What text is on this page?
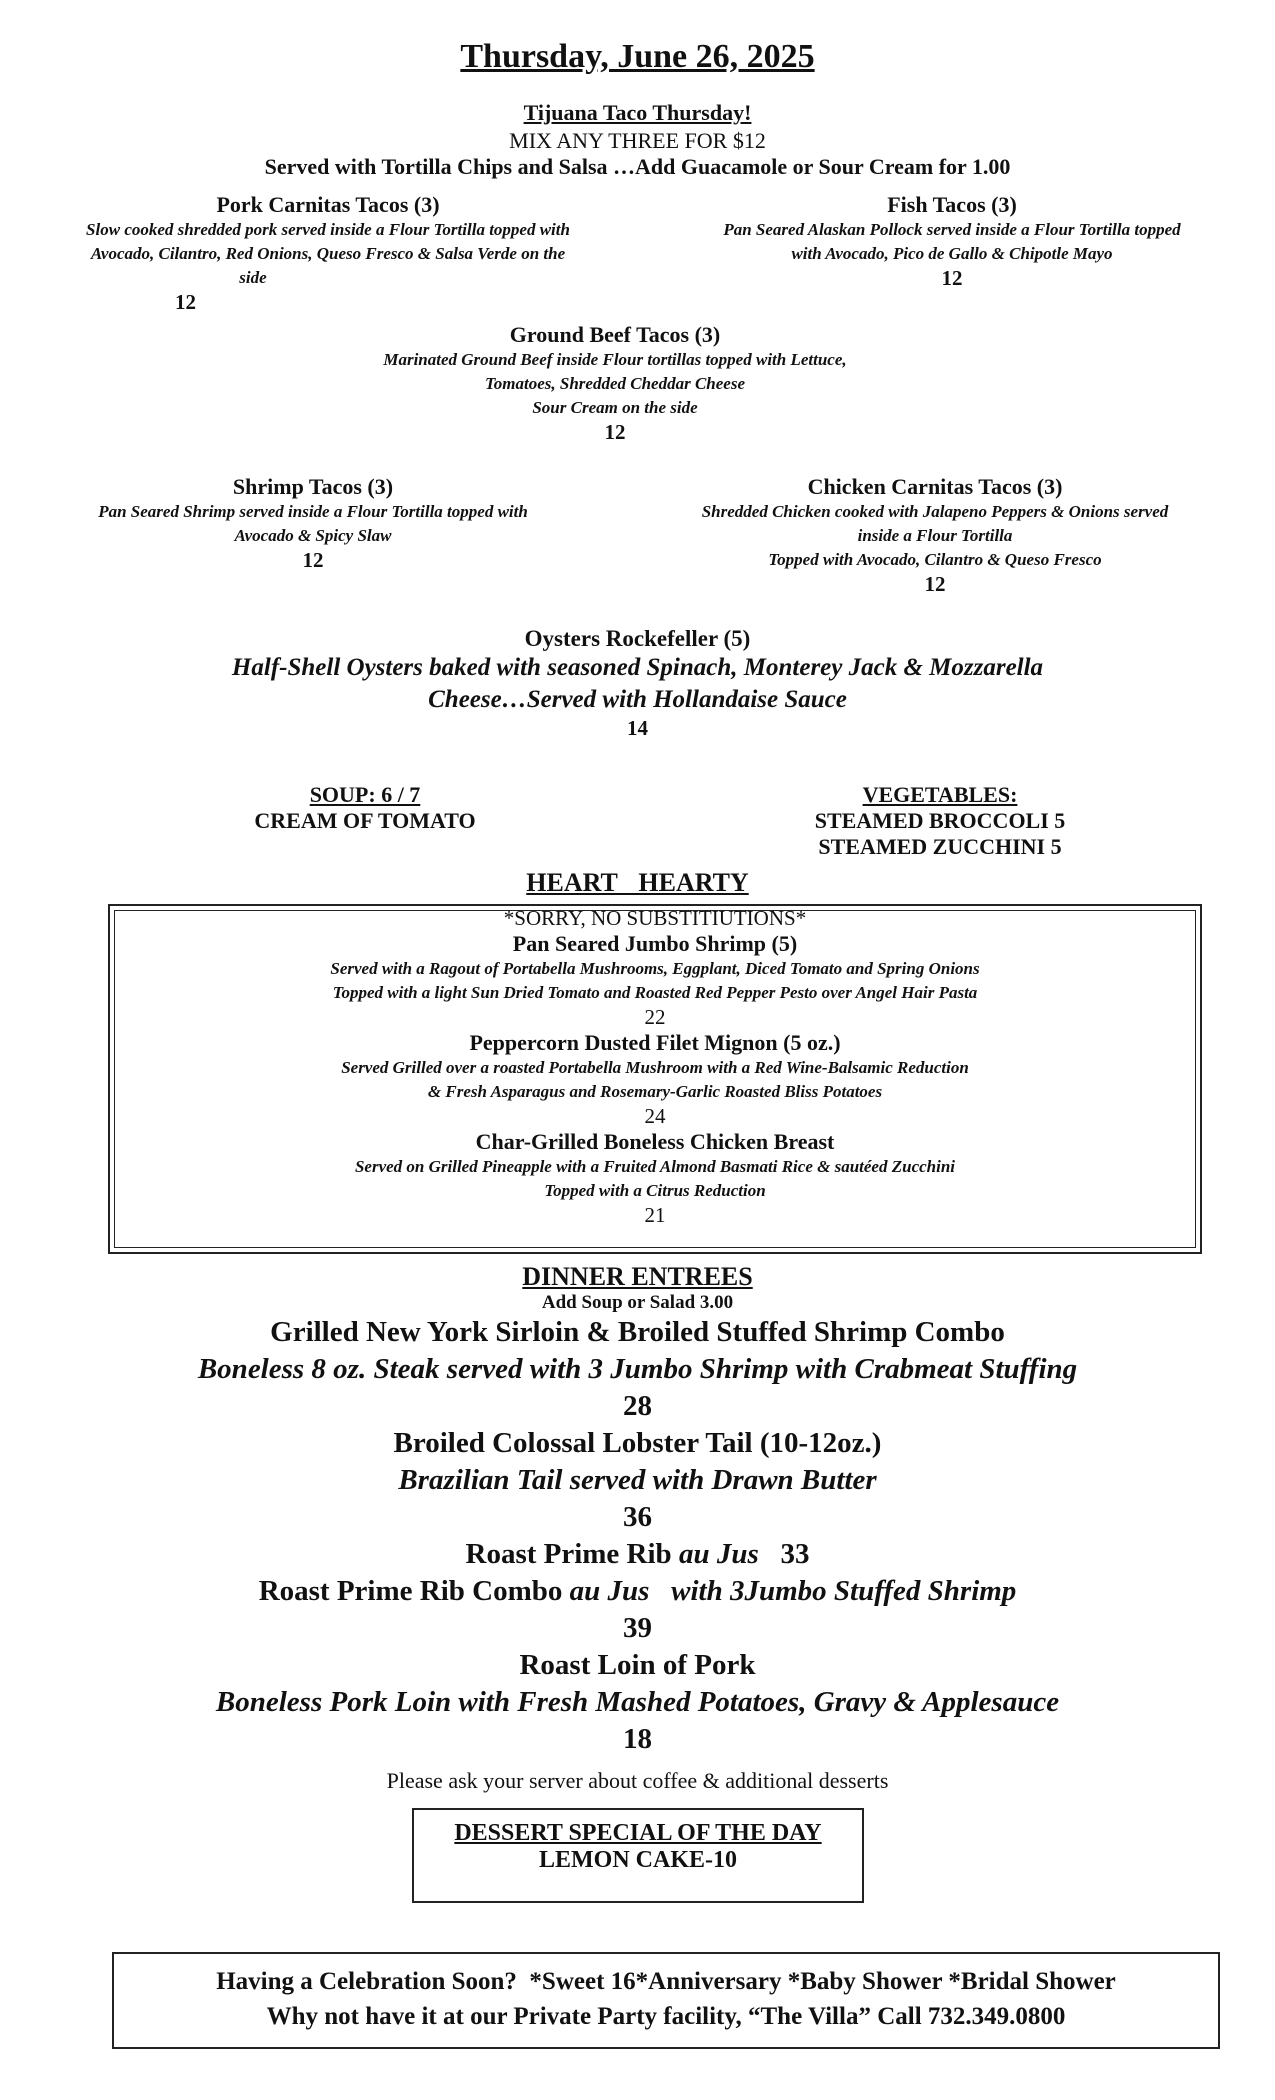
Thursday, June 26, 2025
Tijuana Taco Thursday!
MIX ANY THREE FOR $12
Served with Tortilla Chips and Salsa …Add Guacamole or Sour Cream for 1.00
Pork Carnitas Tacos (3)
Slow cooked shredded pork served inside a Flour Tortilla topped with
Avocado, Cilantro, Red Onions, Queso Fresco & Salsa Verde on the
side
12
Fish Tacos (3)
Pan Seared Alaskan Pollock served inside a Flour Tortilla topped
with Avocado, Pico de Gallo & Chipotle Mayo
12
Ground Beef Tacos (3)
Marinated Ground Beef inside Flour tortillas topped with Lettuce,
Tomatoes, Shredded Cheddar Cheese
Sour Cream on the side
12
Shrimp Tacos (3)
Pan Seared Shrimp served inside a Flour Tortilla topped with
Avocado & Spicy Slaw
12
Chicken Carnitas Tacos (3)
Shredded Chicken cooked with Jalapeno Peppers & Onions served
inside a Flour Tortilla
Topped with Avocado, Cilantro & Queso Fresco
12
Oysters Rockefeller (5)
Half-Shell Oysters baked with seasoned Spinach, Monterey Jack & Mozzarella
Cheese…Served with Hollandaise Sauce
14
SOUP: 6 / 7
CREAM OF TOMATO
VEGETABLES:
STEAMED BROCCOLI 5
STEAMED ZUCCHINI 5
HEART  HEARTY
*SORRY, NO SUBSTITIUTIONS*
Pan Seared Jumbo Shrimp (5)
Served with a Ragout of Portabella Mushrooms, Eggplant, Diced Tomato and Spring Onions
Topped with a light Sun Dried Tomato and Roasted Red Pepper Pesto over Angel Hair Pasta
22
Peppercorn Dusted Filet Mignon (5 oz.)
Served Grilled over a roasted Portabella Mushroom with a Red Wine-Balsamic Reduction
& Fresh Asparagus and Rosemary-Garlic Roasted Bliss Potatoes
24
Char-Grilled Boneless Chicken Breast
Served on Grilled Pineapple with a Fruited Almond Basmati Rice & sautéed Zucchini
Topped with a Citrus Reduction
21
DINNER ENTREES
Add Soup or Salad 3.00
Grilled New York Sirloin & Broiled Stuffed Shrimp Combo
Boneless 8 oz. Steak served with 3 Jumbo Shrimp with Crabmeat Stuffing
28
Broiled Colossal Lobster Tail (10-12oz.)
Brazilian Tail served with Drawn Butter
36
Roast Prime Rib au Jus 33
Roast Prime Rib Combo au Jus   with 3Jumbo Stuffed Shrimp
39
Roast Loin of Pork
Boneless Pork Loin with Fresh Mashed Potatoes, Gravy & Applesauce
18
Please ask your server about coffee & additional desserts
DESSERT SPECIAL OF THE DAY
LEMON CAKE-10
Having a Celebration Soon?  *Sweet 16*Anniversary *Baby Shower *Bridal Shower
Why not have it at our Private Party facility, “The Villa” Call 732.349.0800
